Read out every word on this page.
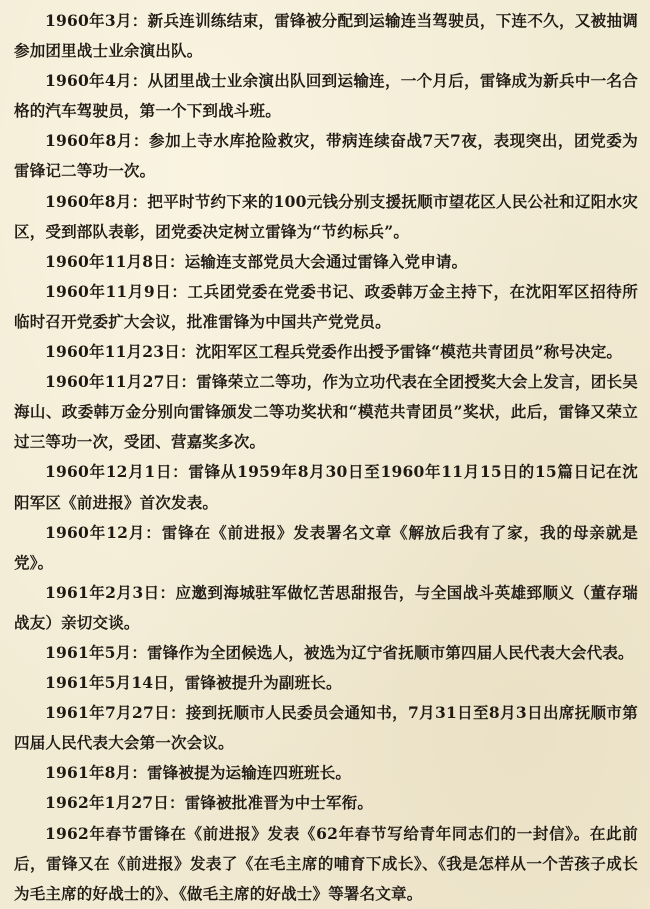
1960年3月：新兵连训练结束，雷锋被分配到运输连当驾驶员，下连不久，又被抽调参加团里战士业余演出队。

1960年4月：从团里战士业余演出队回到运输连，一个月后，雷锋成为新兵中一名合格的汽车驾驶员，第一个下到战斗班。

1960年8月：参加上寺水库抢险救灾，带病连续奋战7天7夜，表现突出，团党委为雷锋记二等功一次。

1960年8月：把平时节约下来的100元钱分别支援抚顺市望花区人民公社和辽阳水灾区，受到部队表彰，团党委决定树立雷锋为“节约标兵”。

1960年11月8日：运输连支部党员大会通过雷锋入党申请。

1960年11月9日：工兵团党委在党委书记、政委韩万金主持下，在沈阳军区招待所临时召开党委扩大会议，批准雷锋为中国共产党党员。

1960年11月23日：沈阳军区工程兵党委作出授予雷锋“模范共青团员”称号决定。

1960年11月27日：雷锋荣立二等功，作为立功代表在全团授奖大会上发言，团长吴海山、政委韩万金分别向雷锋颁发二等功奖状和“模范共青团员”奖状，此后，雷锋又荣立过三等功一次，受团、营嘉奖多次。

1960年12月1日：雷锋从1959年8月30日至1960年11月15日的15篇日记在沈阳军区《前进报》首次发表。

1960年12月：雷锋在《前进报》发表署名文章《解放后我有了家，我的母亲就是党》。

1961年2月3日：应邀到海城驻军做忆苦思甜报告，与全国战斗英雄郅顺义（董存瑞战友）亲切交谈。

1961年5月：雷锋作为全团候选人，被选为辽宁省抚顺市第四届人民代表大会代表。

1961年5月14日，雷锋被提升为副班长。

1961年7月27日：接到抚顺市人民委员会通知书，7月31日至8月3日出席抚顺市第四届人民代表大会第一次会议。

1961年8月：雷锋被提为运输连四班班长。

1962年1月27日：雷锋被批准晋为中士军衔。

1962年春节雷锋在《前进报》发表《62年春节写给青年同志们的一封信》。在此前后，雷锋又在《前进报》发表了《在毛主席的哺育下成长》、《我是怎样从一个苦孩子成长为毛主席的好战士的》、《做毛主席的好战士》等署名文章。
